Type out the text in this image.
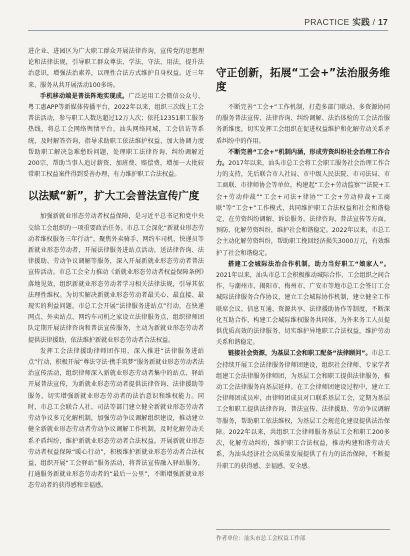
PRACTICE 实践 / 17

进企业、进园区为广大职工群众开展法律咨询，宣传党的思想理论和法律法规，引导职工群众尊法、学法、守法、用法，提升法治意识，增强法治素养，以理性合法方式维护自身权益。近三年来，服务从共开展活动100多场。

手机移动端是普法阵地实现成。广泛运用工会微信公众号、粤工惠APP等新媒体传播平台，2022年以来，组织三次线上工会普法活动，参与职工人数达超过12万人次；依托12351职工服务热线，将总工会网络舆情平台，汕头网络同城，工会信访等系统，及时解答咨询，指导求助职工依法维护权益，加大协调力度帮助职工解决急难愁盼问题，处理职工法律咨询、纠纷调解近200宗，帮助当事人追讨薪资、加班费、赔偿费，增加一大批较常职工权益案件得到妥善办理，有力维护职工合法权益。

以法赋“新”，扩大工会普法宣传广度

加强新就业形态劳动者权益保障，是习近平总书记和党中央交给工会组织的一项重要政治任务。市总工会深化“新就业形态劳动者维权服务三年行动”，聚焦外卖骑手、网约车司机、快递员等新就业形态劳动者，开展法律服务进站点活动，送法律咨询、法律援助、劳动争议调解等服务，深入开展新就业形态劳动者普法宣传活动。市总工会全力推动《新就业形态劳动者权益保障条例》落地见效，组织新就业形态劳动者学习相关法律法规，引导其依法理性维权。为切实解决新就业形态劳动者最关心、最直接、最现实的利益问题，市总工会开展“法律服务进站点”行动，在快递网点、外卖站点、网约车司机之家设立法律服务点，组织律师团队定期开展法律咨询和普法宣传服务，主动为新就业形态劳动者提供法律援助，依法维护新就业形态劳动者合法权益。

发挥工会法律援助律师团作用，深入推进“法律服务进站点”行动，积极开展“尊法守法·携手筑梦”服务新就业形态劳动者法治宣传活动，组织律师深入新就业形态劳动者集中的站点、驿站开展普法宣传，为新就业形态劳动者提供法律咨询、法律援助等服务，切实增强新就业形态劳动者的法治意识和维权能力。同时，市总工会联合人社、司法等部门建立健全新就业形态劳动者劳动争议多元化解机制，加强劳动争议调解组织建设，推动建立健全新就业形态劳动者劳动争议调解工作机制，及时化解劳动关系矛盾纠纷，维护新就业形态劳动者合法权益。开展新就业形态劳动者权益保障“暖心行动”，积极维护新就业形态劳动者合法权益，组织开展“工会驿站”服务活动，将普法宣传融入驿站服务，打通服务新就业形态劳动者的“最后一公里”，不断增强新就业形态劳动者的获得感和幸福感。

守正创新，拓展“工会+”法治服务维度

不断完善“工会+”工作机制，打造多部门联动、多资源协同的服务普法宣传、法律咨询、纠纷调解、法治体检的工会法治服务新维度，切实发挥工会组织在促进权益维护和化解劳动关系矛盾纠纷中的作用。

不断完善“工会+”机制内涵，形成劳资纠纷社会治理工作合力。2017年以来，汕头市总工会将工会职工服务社会治理工作合力的支持，先后联合市人社局、市中级人民法院、市司法局、市工商联、市律师协会等单位，构建起“工会+劳动监察”“法院+工会+劳动仲裁”“工会+司法+律协”“工会+劳动仲裁+工商联”等“工会+”工作模式，共同维护职工合法权益和社会和谐稳定，在劳资纠纷调解、诉讼服务、法律咨询、普法宣传等方面，预防、化解劳资纠纷，维护社会和谐稳定。2022年以来，市总工会主动化解劳资纠纷，帮助职工挽回经济损失3000万元，有效维护了社会和谐稳定。

搭建工会城际法治合作机制，助力当好职工“娘家人”。2021年以来，汕头市总工会积极推动城际合作、工会组织之间合作，与潮州市、揭阳市、梅州市、广安市等地市总工会签订工会城际法律服务合作协议，建立工会城际协作机制，建立健全工作联席会议、信息互通、资源共享、法律援助协作等制度，不断深化互助合作，构建工会城际维权服务共同体，为外来务工人员提供优质高效的法律服务，切实维护异地职工合法权益，维护劳动关系和谐稳定。

链接社会资源，为基层工会和职工配备“法律顾问”。市总工会持续开展工会法律服务律师团建设，组织社会律师、专家学者组建工会法律服务律师团，为基层工会和职工提供法律服务，推动工会法律服务向基层延伸。在工会律师团建设过程中，建立工会律师团成员库，由律师团成员对口联系基层工会，定期为基层工会和职工提供法律咨询、普法宣传、法律援助、劳动争议调解等服务，帮助职工依法维权，为基层工会规范化建设提供法治保障。2022年以来，共组织工会律师服务基层工会和职工200多次，化解劳动纠纷，维护职工合法权益，推动构建和谐劳动关系，为汕头经济社会高质量发展提供了有力的法治保障，不断提升职工的获得感、幸福感、安全感。

作者单位：汕头市总工会权益工作部
